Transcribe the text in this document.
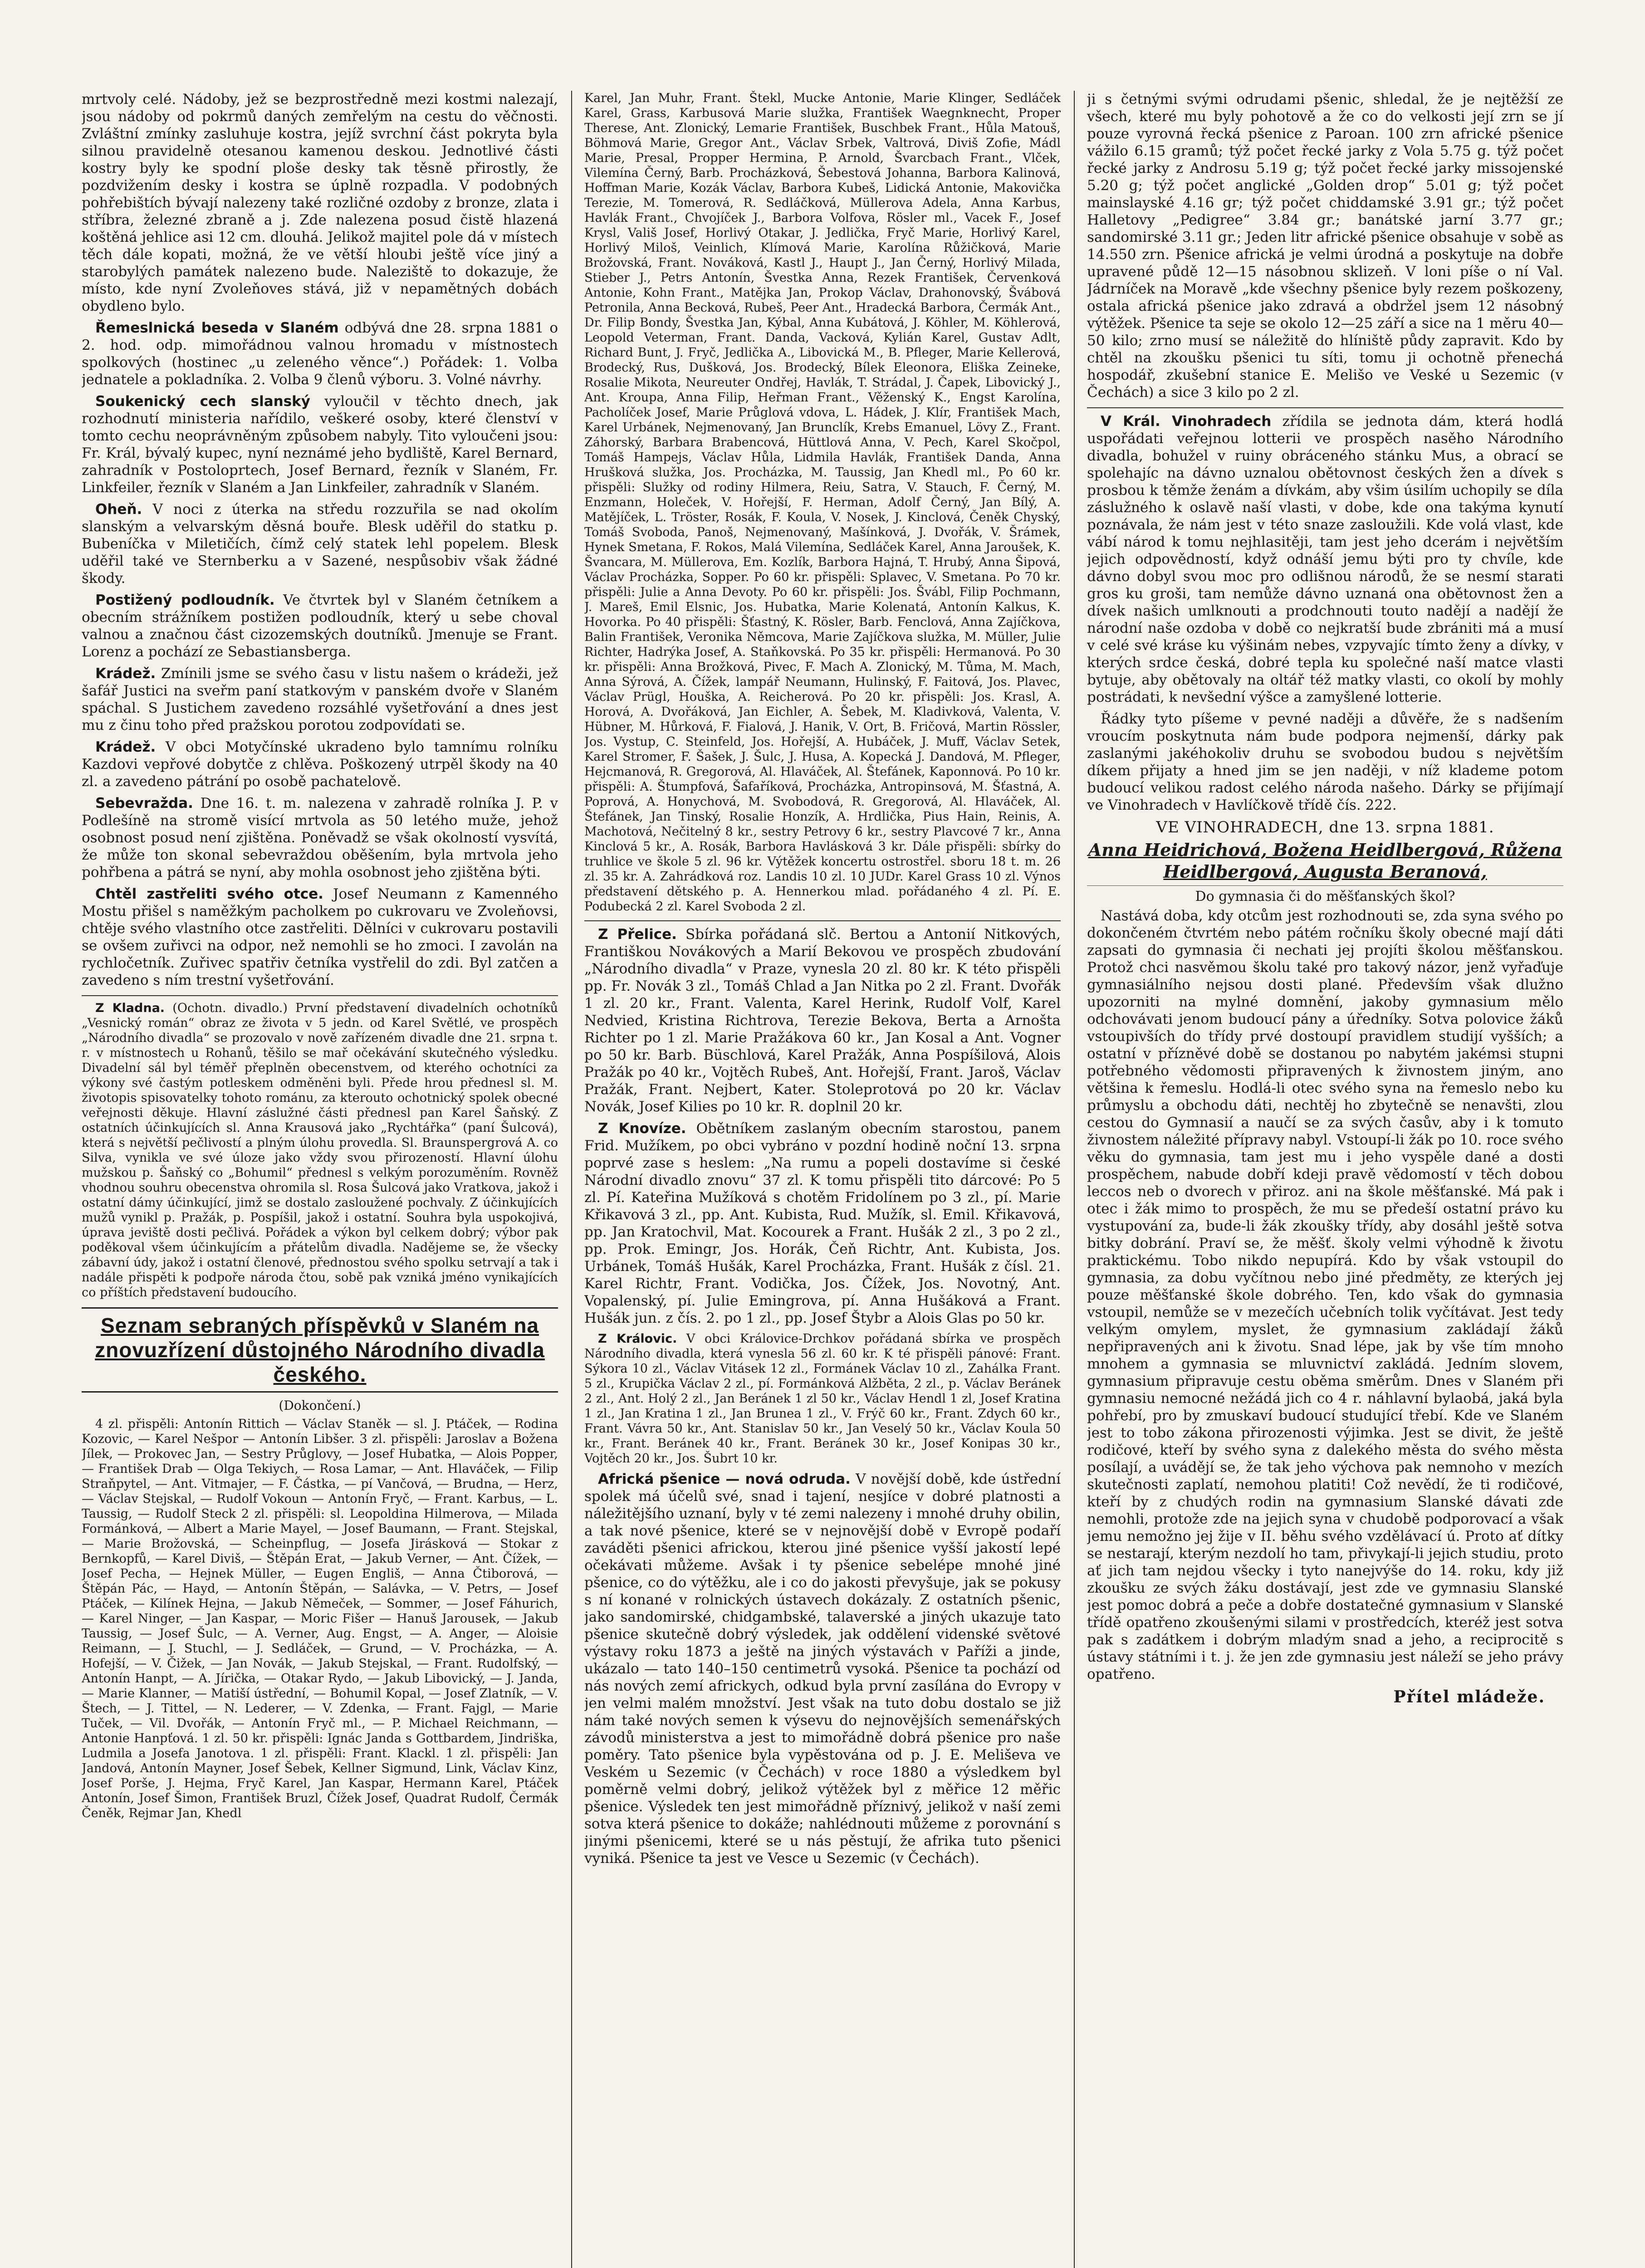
mrtvoly celé. Nádoby, jež se bezprostředně mezi kostmi nalezají, jsou nádoby od pokrmů daných zemřelým na cestu do věčnosti. Zvláštní zmínky zasluhuje kostra, jejíž svrchní část pokryta byla silnou pravidelně otesanou kamenou deskou. Jednotlivé části kostry byly ke spodní ploše desky tak těsně přirostly, že pozdvižením desky i kostra se úplně rozpadla. V podobných pohřebištích bývají nalezeny také rozličné ozdoby z bronze, zlata i stříbra, železné zbraně a j. Zde nalezena posud čistě hlazená koštěná jehlice asi 12 cm. dlouhá. Jelikož majitel pole dá v místech těch dále kopati, možná, že ve větší hloubi ještě více jiný a starobylých památek nalezeno bude. Naleziště to dokazuje, že místo, kde nyní Zvoleňoves stává, již v nepamětných dobách obydleno bylo.

Řemeslnická beseda v Slaném odbývá dne 28. srpna 1881 o 2. hod. odp. mimořádnou valnou hromadu v místnostech spolkových (hostinec „u zeleného věnce“.) Pořádek: 1. Volba jednatele a pokladníka. 2. Volba 9 členů výboru. 3. Volné návrhy.

Soukenický cech slanský vyloučil v těchto dnech, jak rozhodnutí ministeria nařídilo, veškeré osoby, které členství v tomto cechu neoprávněným způsobem nabyly. Tito vyloučeni jsou: Fr. Král, bývalý kupec, nyní neznámé jeho bydliště, Karel Bernard, zahradník v Postoloprtech, Josef Bernard, řezník v Slaném, Fr. Linkfeiler, řezník v Slaném a Jan Linkfeiler, zahradník v Slaném.

Oheň. V noci z úterka na středu rozzuřila se nad okolím slanským a velvarským děsná bouře. Blesk uděřil do statku p. Bubeníčka v Miletičích, čímž celý statek lehl popelem. Blesk uděřil také ve Sternberku a v Sazené, nespůsobiv však žádné škody.

Postižený podloudník. Ve čtvrtek byl v Slaném četníkem a obecním strážníkem postižen podloudník, který u sebe choval valnou a značnou část cizozemských doutníků. Jmenuje se Frant. Lorenz a pochází ze Sebastiansberga.

Krádež. Zmínili jsme se svého času v listu našem o krádeži, jež šafář Justici na sveřm paní statkovým v panském dvoře v Slaném spáchal. S Justichem zavedeno rozsáhlé vyšetřování a dnes jest mu z činu toho před pražskou porotou zodpovídati se.

Krádež. V obci Motyčínské ukradeno bylo tamnímu rolníku Kazdovi vepřové dobytče z chlěva. Poškozený utrpěl škody na 40 zl. a zavedeno pátrání po osobě pachatelově.

Sebevražda. Dne 16. t. m. nalezena v zahradě rolníka J. P. v Podlešíně na stromě visící mrtvola as 50 letého muže, jehož osobnost posud není zjištěna. Poněvadž se však okolností vysvítá, že může ton skonal sebevraždou oběšením, byla mrtvola jeho pohřbena a pátrá se nyní, aby mohla osobnost jeho zjištěna býti.

Chtěl zastřeliti svého otce. Josef Neumann z Kamenného Mostu přišel s naměžkým pacholkem po cukrovaru ve Zvoleňovsi, chtěje svého vlastního otce zastřeliti. Dělníci v cukrovaru postavili se ovšem zuřivci na odpor, než nemohli se ho zmoci. I zavolán na rychločetník. Zuřivec spatřiv četníka vystřelil do zdi. Byl zatčen a zavedeno s ním trestní vyšetřování.

Z Kladna. (Ochotn. divadlo.) První představení divadelních ochotníků „Vesnický román“ obraz ze života v 5 jedn. od Karel Světlé, ve prospěch „Národního divadla“ se prozovalo v nově zařízeném divadle dne 21. srpna t. r. v místnostech u Rohanů, těšilo se mař očekávání skutečného výsledku. Divadelní sál byl téměř přeplněn obecenstvem, od kterého ochotníci za výkony své častým potleskem odměněni byli. Přede hrou přednesl sl. M. životopis spisovatelky tohoto románu, za kterouto ochotnický spolek obecné veřejnosti děkuje. Hlavní záslužné části přednesl pan Karel Šaňský. Z ostatních účinkujících sl. Anna Krausová jako „Rychtářka“ (paní Šulcová), která s největší pečlivostí a plným úlohu provedla. Sl. Braunspergrová A. co Silva, vynikla ve své úloze jako vždy svou přirozeností. Hlavní úlohu mužskou p. Šaňský co „Bohumil“ přednesl s velkým porozuměním. Rovněž vhodnou souhru obecenstva ohromila sl. Rosa Šulcová jako Vratkova, jakož i ostatní dámy účinkující, jimž se dostalo zasloužené pochvaly. Z účinkujících mužů vynikl p. Pražák, p. Pospíšil, jakož i ostatní. Souhra byla uspokojivá, úprava jeviště dosti pečlivá. Pořádek a výkon byl celkem dobrý; výbor pak poděkoval všem účinkujícím a přátelům divadla. Nadějeme se, že všecky zábavní údy, jakož i ostatní členové, přednostou svého spolku setrvají a tak i nadále přispěti k podpoře národa čtou, sobě pak vzniká jméno vynikajících co příštích představení budoucího.

Seznam sebraných příspěvků v Slaném na znovuzřízení důstojného Národního divadla českého.
(Dokončení.)

4 zl. přispěli: Antonín Rittich — Václav Staněk — sl. J. Ptáček, — Rodina Kozovic, — Karel Nešpor — Antonín Libšer. 3 zl. přispěli: Jaroslav a Božena Jílek, — Prokovec Jan, — Sestry Průglovy, — Josef Hubatka, — Alois Popper, — František Drab — Olga Tekiych, — Rosa Lamar, — Ant. Hlaváček, — Filip Straňpytel, — Ant. Vitmajer, — F. Částka, — pí Vančová, — Brudna, — Herz, — Václav Stejskal, — Rudolf Vokoun — Antonín Fryč, — Frant. Karbus, — L. Taussig, — Rudolf Steck 2 zl. přispěli: sl. Leopoldina Hilmerova, — Milada Formánková, — Albert a Marie Mayel, — Josef Baumann, — Frant. Stejskal, — Marie Brožovská, — Scheinpflug, — Josefa Jirásková — Stokar z Bernkopfů, — Karel Diviš, — Štěpán Erat, — Jakub Verner, — Ant. Čížek, — Josef Pecha, — Hejnek Müller, — Eugen Engliš, — Anna Čtiborová, — Štěpán Pác, — Hayd, — Antonín Štěpán, — Salávka, — V. Petrs, — Josef Ptáček, — Kilínek Hejna, — Jakub Němeček, — Sommer, — Josef Fáhurich, — Karel Ninger, — Jan Kaspar, — Moric Fišer — Hanuš Jarousek, — Jakub Taussig, — Josef Šulc, — A. Verner, Aug. Engst, — A. Anger, — Aloisie Reimann, — J. Stuchl, — J. Sedláček, — Grund, — V. Procházka, — A. Hofejší, — V. Čižek, — Jan Novák, — Jakub Stejskal, — Frant. Rudolfský, — Antonín Hanpt, — A. Jírička, — Otakar Rydo, — Jakub Libovický, — J. Janda, — Marie Klanner, — Matiší ústřední, — Bohumil Kopal, — Josef Zlatník, — V. Štech, — J. Tittel, — N. Lederer, — V. Zdenka, — Frant. Fajgl, — Marie Tuček, — Vil. Dvořák, — Antonín Fryč ml., — P. Michael Reichmann, — Antonie Hanpťová. 1 zl. 50 kr. přispěli: Ignác Janda s Gottbardem, Jindriška, Ludmila a Josefa Janotova. 1 zl. přispěli: Frant. Klackl. 1 zl. přispěli: Jan Jandová, Antonín Mayner, Josef Šebek, Kellner Sigmund, Link, Václav Kinz, Josef Porše, J. Hejma, Fryč Karel, Jan Kaspar, Hermann Karel, Ptáček Antonín, Josef Šimon, František Bruzl, Čížek Josef, Quadrat Rudolf, Čermák Čeněk, Rejmar Jan, Khedl

Karel, Jan Muhr, Frant. Štekl, Mucke Antonie, Marie Klinger, Sedláček Karel, Grass, Karbusová Marie služka, František Waegnknecht, Proper Therese, Ant. Zlonický, Lemarie František, Buschbek Frant., Hůla Matouš, Böhmová Marie, Gregor Ant., Václav Srbek, Valtrová, Diviš Zofie, Mádl Marie, Presal, Propper Hermina, P. Arnold, Švarcbach Frant., Vlček, Vilemína Černý, Barb. Procházková, Šebestová Johanna, Barbora Kalinová, Hoffman Marie, Kozák Václav, Barbora Kubeš, Lidická Antonie, Makovička Terezie, M. Tomerová, R. Sedláčková, Müllerova Adela, Anna Karbus, Havlák Frant., Chvojíček J., Barbora Volfova, Rösler ml., Vacek F., Josef Krysl, Vališ Josef, Horlivý Otakar, J. Jedlička, Fryč Marie, Horlivý Karel, Horlivý Miloš, Veinlich, Klímová Marie, Karolína Růžičková, Marie Brožovská, Frant. Nováková, Kastl J., Haupt J., Jan Černý, Horlivý Milada, Stieber J., Petrs Antonín, Švestka Anna, Rezek František, Červenková Antonie, Kohn Frant., Matějka Jan, Prokop Václav, Drahonovský, Švábová Petronila, Anna Becková, Rubeš, Peer Ant., Hradecká Barbora, Čermák Ant., Dr. Filip Bondy, Švestka Jan, Kýbal, Anna Kubátová, J. Köhler, M. Köhlerová, Leopold Veterman, Frant. Danda, Vacková, Kylián Karel, Gustav Adlt, Richard Bunt, J. Fryč, Jedlička A., Libovická M., B. Pfleger, Marie Kellerová, Brodecký, Rus, Dušková, Jos. Brodecký, Bílek Eleonora, Eliška Zeineke, Rosalie Mikota, Neureuter Ondřej, Havlák, T. Strádal, J. Čapek, Libovický J., Ant. Kroupa, Anna Filip, Heřman Frant., Věženský K., Engst Karolína, Pacholíček Josef, Marie Průglová vdova, L. Hádek, J. Klír, František Mach, Karel Urbánek, Nejmenovaný, Jan Brunclík, Krebs Emanuel, Lövy Z., Frant. Záhorský, Barbara Brabencová, Hüttlová Anna, V. Pech, Karel Skočpol, Tomáš Hampejs, Václav Hůla, Lidmila Havlák, František Danda, Anna Hrušková služka, Jos. Procházka, M. Taussig, Jan Khedl ml., Po 60 kr. přispěli: Služky od rodiny Hilmera, Reiu, Satra, V. Stauch, F. Černý, M. Enzmann, Holeček, V. Hořejší, F. Herman, Adolf Černý, Jan Bílý, A. Matějíček, L. Tröster, Rosák, F. Koula, V. Nosek, J. Kinclová, Čeněk Chyský, Tomáš Svoboda, Panoš, Nejmenovaný, Mašínková, J. Dvořák, V. Šrámek, Hynek Smetana, F. Rokos, Malá Vilemína, Sedláček Karel, Anna Jaroušek, K. Švancara, M. Müllerova, Em. Kozlík, Barbora Hajná, T. Hrubý, Anna Šipová, Václav Procházka, Sopper. Po 60 kr. přispěli: Splavec, V. Smetana. Po 70 kr. přispěli: Julie a Anna Devoty. Po 60 kr. přispěli: Jos. Švábl, Filip Pochmann, J. Mareš, Emil Elsnic, Jos. Hubatka, Marie Kolenatá, Antonín Kalkus, K. Hovorka. Po 40 přispěli: Šťastný, K. Rösler, Barb. Fenclová, Anna Zajíčkova, Balin František, Veronika Němcova, Marie Zajíčkova služka, M. Müller, Julie Richter, Hadrýka Josef, A. Staňkovská. Po 35 kr. přispěli: Hermanová. Po 30 kr. přispěli: Anna Brožková, Pivec, F. Mach A. Zlonický, M. Tůma, M. Mach, Anna Sýrová, A. Čížek, lampář Neumann, Hulinský, F. Faitová, Jos. Plavec, Václav Prügl, Houška, A. Reicherová. Po 20 kr. přispěli: Jos. Krasl, A. Horová, A. Dvořáková, Jan Eichler, A. Šebek, M. Kladivková, Valenta, V. Hübner, M. Hůrková, F. Fialová, J. Hanik, V. Ort, B. Fričová, Martin Rössler, Jos. Vystup, C. Steinfeld, Jos. Hořejší, A. Hubáček, J. Muff, Václav Setek, Karel Stromer, F. Šašek, J. Šulc, J. Husa, A. Kopecká J. Dandová, M. Pfleger, Hejcmanová, R. Gregorová, Al. Hlaváček, Al. Štefánek, Kaponnová. Po 10 kr. přispěli: A. Štumpfová, Šafaříková, Procházka, Antropinsová, M. Šťastná, A. Poprová, A. Honychová, M. Svobodová, R. Gregorová, Al. Hlaváček, Al. Štefánek, Jan Tinský, Rosalie Honzík, A. Hrdlička, Pius Hain, Reinis, A. Machotová, Nečitelný 8 kr., sestry Petrovy 6 kr., sestry Plavcové 7 kr., Anna Kinclová 5 kr., A. Rosák, Barbora Havlásková 3 kr. Dále přispěli: sbírky do truhlice ve škole 5 zl. 96 kr. Výtěžek koncertu ostrostřel. sboru 18 t. m. 26 zl. 35 kr. A. Zahrádková roz. Landis 10 zl. 10 JUDr. Karel Grass 10 zl. Výnos představení dětského p. A. Hennerkou mlad. pořádaného 4 zl. Pí. E. Podubecká 2 zl. Karel Svoboda 2 zl.

Z Přelice. Sbírka pořádaná slč. Bertou a Antonií Nitkových, Františkou Novákových a Marií Bekovou ve prospěch zbudování „Národního divadla“ v Praze, vynesla 20 zl. 80 kr. K této přispěli pp. Fr. Novák 3 zl., Tomáš Chlad a Jan Nitka po 2 zl. Frant. Dvořák 1 zl. 20 kr., Frant. Valenta, Karel Herink, Rudolf Volf, Karel Nedvied, Kristina Richtrova, Terezie Bekova, Berta a Arnošta Richter po 1 zl. Marie Pražákova 60 kr., Jan Kosal a Ant. Vogner po 50 kr. Barb. Büschlová, Karel Pražák, Anna Pospíšilová, Alois Pražák po 40 kr., Vojtěch Rubeš, Ant. Hořejší, Frant. Jaroš, Václav Pražák, Frant. Nejbert, Kater. Stoleprotová po 20 kr. Václav Novák, Josef Kilies po 10 kr. R. doplnil 20 kr.

Z Knovíze. Obětníkem zaslaným obecním starostou, panem Frid. Mužíkem, po obci vybráno v pozdní hodině noční 13. srpna poprvé zase s heslem: „Na rumu a popeli dostavíme si české Národní divadlo znovu“ 37 zl. K tomu přispěli tito dárcové: Po 5 zl. Pí. Kateřina Mužíková s chotěm Fridolínem po 3 zl., pí. Marie Křikavová 3 zl., pp. Ant. Kubista, Rud. Mužík, sl. Emil. Křikavová, pp. Jan Kratochvil, Mat. Kocourek a Frant. Hušák 2 zl., 3 po 2 zl., pp. Prok. Emingr, Jos. Horák, Čeň Richtr, Ant. Kubista, Jos. Urbánek, Tomáš Hušák, Karel Procházka, Frant. Hušák z čísl. 21. Karel Richtr, Frant. Vodička, Jos. Čížek, Jos. Novotný, Ant. Vopalenský, pí. Julie Emingrova, pí. Anna Hušáková a Frant. Hušák jun. z čís. 2. po 1 zl., pp. Josef Štybr a Alois Glas po 50 kr.

Z Královic. V obci Královice-Drchkov pořádaná sbírka ve prospěch Národního divadla, která vynesla 56 zl. 60 kr. K té přispěli pánové: Frant. Sýkora 10 zl., Václav Vitásek 12 zl., Formánek Václav 10 zl., Zahálka Frant. 5 zl., Krupička Václav 2 zl., pí. Formánková Alžběta, 2 zl., p. Václav Beránek 2 zl., Ant. Holý 2 zl., Jan Beránek 1 zl 50 kr., Václav Hendl 1 zl, Josef Kratina 1 zl., Jan Kratina 1 zl., Jan Brunea 1 zl., V. Frýč 60 kr., Frant. Zdych 60 kr., Frant. Vávra 50 kr., Ant. Stanislav 50 kr., Jan Veselý 50 kr., Václav Koula 50 kr., Frant. Beránek 40 kr., Frant. Beránek 30 kr., Josef Konipas 30 kr., Vojtěch 20 kr., Jos. Šubrt 10 kr.

Africká pšenice — nová odruda. V novější době, kde ústřední spolek má účelů své, snad i tajení, nesjíce v dobré platnosti a náležitějšího uznaní, byly v té zemi nalezeny i mnohé druhy obilin, a tak nové pšenice, které se v nejnovější době v Evropě podaří zaváděti pšenici africkou, kterou jiné pšenice vyšší jakostí lepé očekávati můžeme. Avšak i ty pšenice sebelépe mnohé jiné pšenice, co do výtěžku, ale i co do jakosti převyšuje, jak se pokusy s ní konané v rolnických ústavech dokázaly. Z ostatních pšenic, jako sandomirské, chidgambské, talaverské a jiných ukazuje tato pšenice skutečně dobrý výsledek, jak oddělení videnské světové výstavy roku 1873 a ještě na jiných výstavách v Paříži a jinde, ukázalo — tato 140–150 centimetrů vysoká. Pšenice ta pochází od nás nových zemí africkych, odkud byla první zasílána do Evropy v jen velmi malém množství. Jest však na tuto dobu dostalo se již nám také nových semen k výsevu do nejnovějších semenářských závodů ministerstva a jest to mimořádně dobrá pšenice pro naše poměry. Tato pšenice byla vypěstována od p. J. E. Meliševa ve Veském u Sezemic (v Čechách) v roce 1880 a výsledkem byl poměrně velmi dobrý, jelikož výtěžek byl z měřice 12 měřic pšenice. Výsledek ten jest mimořádně příznivý, jelikož v naší zemi sotva která pšenice to dokáže; nahlédnouti můžeme z porovnání s jinými pšenicemi, které se u nás pěstují, že afrika tuto pšenici vyniká. Pšenice ta jest ve Vesce u Sezemic (v Čechách).

ji s četnými svými odrudami pšenic, shledal, že je nejtěžší ze všech, které mu byly pohotově a že co do velkosti její zrn se jí pouze vyrovná řecká pšenice z Paroan. 100 zrn africké pšenice vážilo 6.15 gramů; týž počet řecké jarky z Vola 5.75 g. týž počet řecké jarky z Androsu 5.19 g; týž počet řecké jarky missojenské 5.20 g; týž počet anglické „Golden drop“ 5.01 g; týž počet mainslayské 4.16 gr; týž počet chiddamské 3.91 gr.; týž počet Halletovy „Pedigree“ 3.84 gr.; banátské jarní 3.77 gr.; sandomirské 3.11 gr.; Jeden litr africké pšenice obsahuje v sobě as 14.550 zrn. Pšenice africká je velmi úrodná a poskytuje na dobře upravené půdě 12—15 násobnou sklizeň. V loni píše o ní Val. Jádrníček na Moravě „kde všechny pšenice byly rezem poškozeny, ostala africká pšenice jako zdravá a obdržel jsem 12 násobný výtěžek. Pšenice ta seje se okolo 12—25 září a sice na 1 měru 40—50 kilo; zrno musí se náležitě do hlíniště půdy zapravit. Kdo by chtěl na zkoušku pšenici tu síti, tomu ji ochotně přenechá hospodář, zkušební stanice E. Melišo ve Veské u Sezemic (v Čechách) a sice 3 kilo po 2 zl.

V Král. Vinohradech zřídila se jednota dám, která hodlá uspořádati veřejnou lotterii ve prospěch nasěho Národního divadla, bohužel v ruiny obráceného stánku Mus, a obrací se spolehajíc na dávno uznalou obětovnost českých žen a dívek s prosbou k těmže ženám a dívkám, aby všim úsilím uchopily se díla záslužného k oslavě naší vlasti, v dobe, kde ona takýma kynutí poznávala, že nám jest v této snaze zasloužili. Kde volá vlast, kde vábí národ k tomu nejhlasitěji, tam jest jeho dcerám i největším jejich odpovědností, když odnáší jemu býti pro ty chvíle, kde dávno dobyl svou moc pro odlišnou národů, že se nesmí starati gros ku groši, tam nemůže dávno uznaná ona obětovnost žen a dívek našich umlknouti a prodchnouti touto nadějí a nadějí že národní naše ozdoba v době co nejkratší bude zbrániti má a musí v celé své kráse ku výšinám nebes, vzpyvajíc tímto ženy a dívky, v kterých srdce česká, dobré tepla ku společné naší matce vlasti bytuje, aby obětovaly na oltář též matky vlasti, co okolí by mohly postrádati, k nevšední výšce a zamyšlené lotterie.

Řádky tyto píšeme v pevné naději a důvěře, že s nadšením vroucím poskytnuta nám bude podpora nejmenší, dárky pak zaslanými jakéhokoliv druhu se svobodou budou s největším díkem přijaty a hned jim se jen naději, v níž klademe potom budoucí velikou radost celého národa našeho. Dárky se přijímají ve Vinohradech v Havlíčkově třídě čís. 222.

VE VINOHRADECH, dne 13. srpna 1881.
Anna Heidrichová, Božena Heidlbergová, Růžena Heidlbergová, Augusta Beranová,
Do gymnasia či do měšťanských škol?

Nastává doba, kdy otcům jest rozhodnouti se, zda syna svého po dokončeném čtvrtém nebo pátém ročníku školy obecné mají dáti zapsati do gymnasia či nechati jej projíti školou měšťanskou. Protož chci nasvěmou školu také pro takový názor, jenž vyřaďuje gymnasiálního nejsou dosti plané. Především však dlužno upozorniti na mylné domnění, jakoby gymnasium mělo odchovávati jenom budoucí pány a úředníky. Sotva polovice žáků vstoupivších do třídy prvé dostoupí pravidlem studijí vyšších; a ostatní v přízněvé době se dostanou po nabytém jakémsi stupni potřebného vědomosti připravených k živnostem jiným, ano většina k řemeslu. Hodlá-li otec svého syna na řemeslo nebo ku průmyslu a obchodu dáti, nechtěj ho zbytečně se nenavšti, zlou cestou do Gymnasií a naučí se za svých časův, aby i k tomuto živnostem náležité přípravy nabyl. Vstoupí-li žák po 10. roce svého věku do gymnasia, tam jest mu i jeho vyspěle dané a dosti prospěchem, nabude dobří kdeji pravě vědomostí v těch dobou leccos neb o dvorech v přiroz. ani na škole měšťanské. Má pak i otec i žák mimo to prospěch, že mu se předeší ostatní právo ku vystupování za, bude-li žák zkoušky třídy, aby dosáhl ještě sotva bitky dobrání. Praví se, že měšť. školy velmi výhodně k životu praktickému. Tobo nikdo nepupírá. Kdo by však vstoupil do gymnasia, za dobu vyčítnou nebo jiné předměty, ze kterých jej pouze měšťanské škole dobrého. Ten, kdo však do gymnasia vstoupil, nemůže se v mezečích učebních tolik vyčítávat. Jest tedy velkým omylem, myslet, že gymnasium zakládají žáků nepřipravených ani k životu. Snad lépe, jak by vše tím mnoho mnohem a gymnasia se mluvnictví zakládá. Jedním slovem, gymnasium připravuje cestu oběma směrům. Dnes v Slaném při gymnasiu nemocné nežádá jich co 4 r. náhlavní bylaobá, jaká byla pohřebí, pro by zmuskaví budoucí studující třebí. Kde ve Slaném jest to tobo zákona přirozenosti výjimka. Jest se divit, že ještě rodičové, kteří by svého syna z dalekého města do svého města posílají, a uvádějí se, že tak jeho výchova pak nemnoho v mezích skutečnosti zaplatí, nemohou platiti! Což nevědí, že ti rodičové, kteří by z chudých rodin na gymnasium Slanské dávati zde nemohli, protože zde na jejich syna v chudobě podporovací a však jemu nemožno jej žije v II. běhu svého vzdělávací ú. Proto ať dítky se nestarají, kterým nezdolí ho tam, přivykají-li jejich studiu, proto ať jich tam nejdou všecky i tyto nanejvýše do 14. roku, kdy již zkoušku ze svých žáku dostávají, jest zde ve gymnasiu Slanské jest pomoc dobrá a peče a dobře dostatečné gymnasium v Slanské třídě opatřeno zkoušenými silami v prostředcích, kteréž jest sotva pak s zadátkem i dobrým mladým snad a jeho, a reciprocitě s ústavy státními i t. j. že jen zde gymnasiu jest náleží se jeho právy opatřeno.

Přítel mládeže.
